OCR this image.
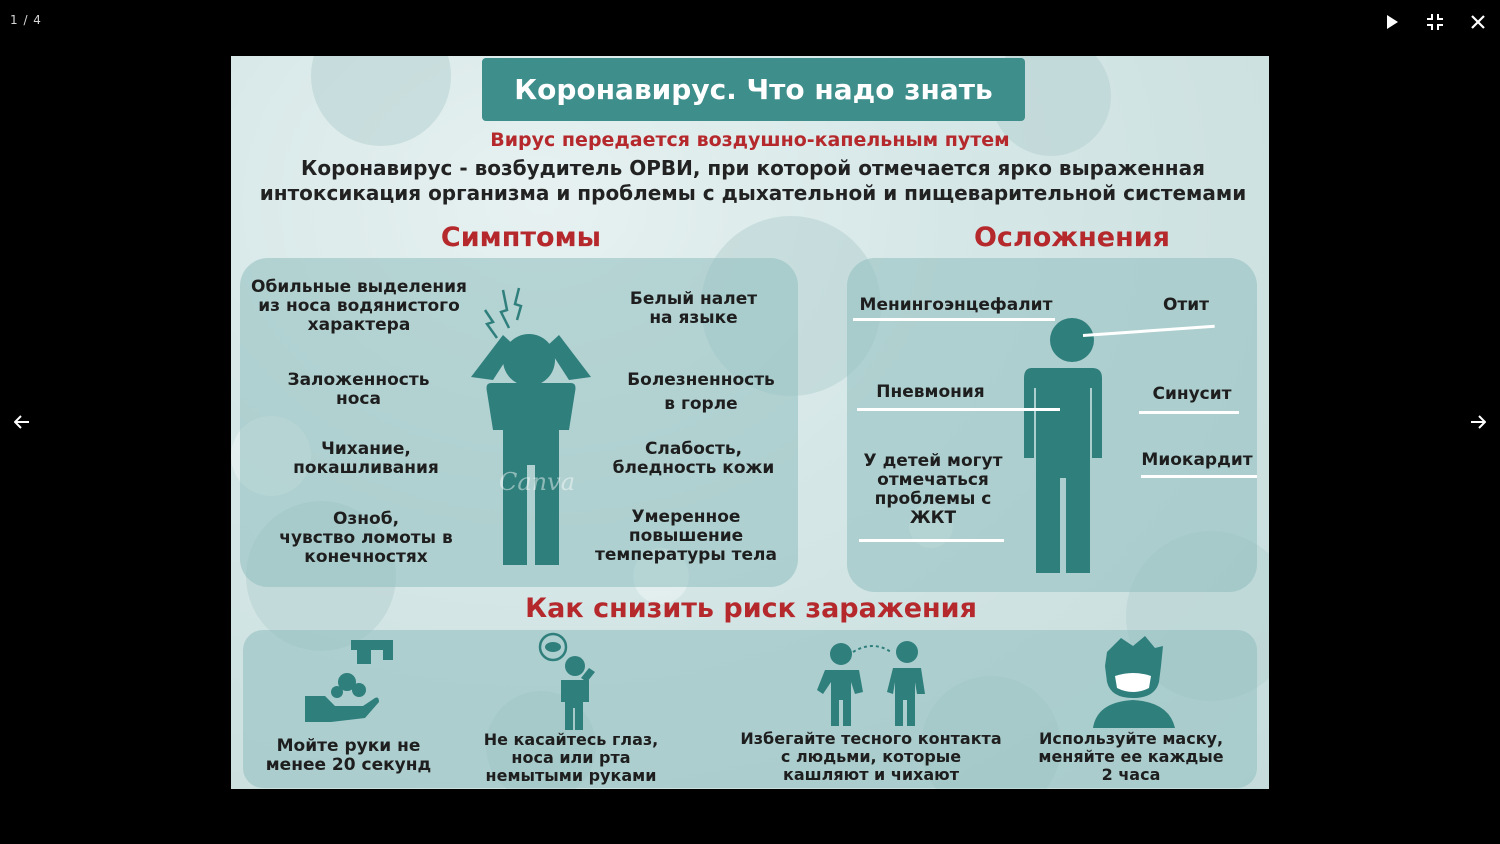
1 / 4
Коронавирус. Что надо знать
Вирус передается воздушно-капельным путем
Коронавирус - возбудитель ОРВИ, при которой отмечается ярко выраженная
интоксикация организма и проблемы с дыхательной и пищеварительной системами
Симптомы
Canva
Обильные выделения
из носа водянистого
характера
Заложенность
носа
Чихание,
покашливания
Озноб,
чувство ломоты в
конечностях
Белый налет
на языке
Болезненность
в горле
Слабость,
бледность кожи
Умеренное
повышение
температуры тела
Осложнения
Менингоэнцефалит	Отит
Пневмония	Синусит
Миокардит
У детей могут
отмечаться
проблемы с
ЖКТ
Как снизить риск заражения
Мойте руки не
менее 20 секунд
Не касайтесь глаз,
носа или рта
немытыми руками
Избегайте тесного контакта
с людьми, которые
кашляют и чихают
Используйте маску,
меняйте ее каждые
2 часа
